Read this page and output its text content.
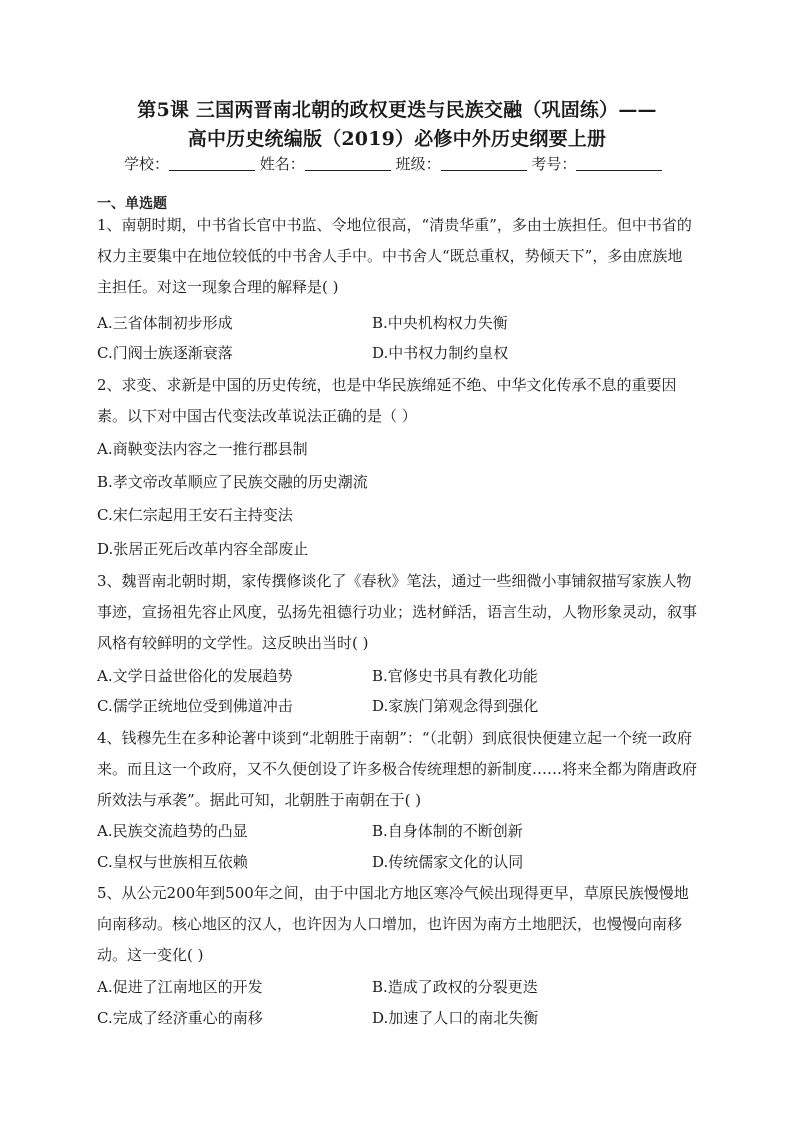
第5课 三国两晋南北朝的政权更迭与民族交融（巩固练）——
高中历史统编版（2019）必修中外历史纲要上册
学校：	姓名：	班级：	考号：
一、单选题
1、南朝时期，中书省长官中书监、令地位很高，“清贵华重”，多由士族担任。但中书省的权力主要集中在地位较低的中书舍人手中。中书舍人“既总重权，势倾天下”，多由庶族地主担任。对这一现象合理的解释是( )
A.三省体制初步形成	B.中央机构权力失衡
C.门阀士族逐渐衰落	D.中书权力制约皇权
2、求变、求新是中国的历史传统，也是中华民族绵延不绝、中华文化传承不息的重要因素。以下对中国古代变法改革说法正确的是（ ）
A.商鞅变法内容之一推行郡县制
B.孝文帝改革顺应了民族交融的历史潮流
C.宋仁宗起用王安石主持变法
D.张居正死后改革内容全部废止
3、魏晋南北朝时期，家传撰修谈化了《春秋》笔法，通过一些细微小事铺叙描写家族人物事迹，宣扬祖先容止风度，弘扬先祖德行功业；选材鲜活，语言生动，人物形象灵动，叙事风格有较鲜明的文学性。这反映出当时( )
A.文学日益世俗化的发展趋势	B.官修史书具有教化功能
C.儒学正统地位受到佛道冲击	D.家族门第观念得到强化
4、钱穆先生在多种论著中谈到“北朝胜于南朝”：“（北朝）到底很快便建立起一个统一政府来。而且这一个政府，又不久便创设了许多极合传统理想的新制度……将来全都为隋唐政府所效法与承袭”。据此可知，北朝胜于南朝在于( )
A.民族交流趋势的凸显	B.自身体制的不断创新
C.皇权与世族相互依赖	D.传统儒家文化的认同
5、从公元200年到500年之间，由于中国北方地区寒冷气候出现得更早，草原民族慢慢地向南移动。核心地区的汉人，也许因为人口增加，也许因为南方土地肥沃，也慢慢向南移动。这一变化( )
A.促进了江南地区的开发	B.造成了政权的分裂更迭
C.完成了经济重心的南移	D.加速了人口的南北失衡
